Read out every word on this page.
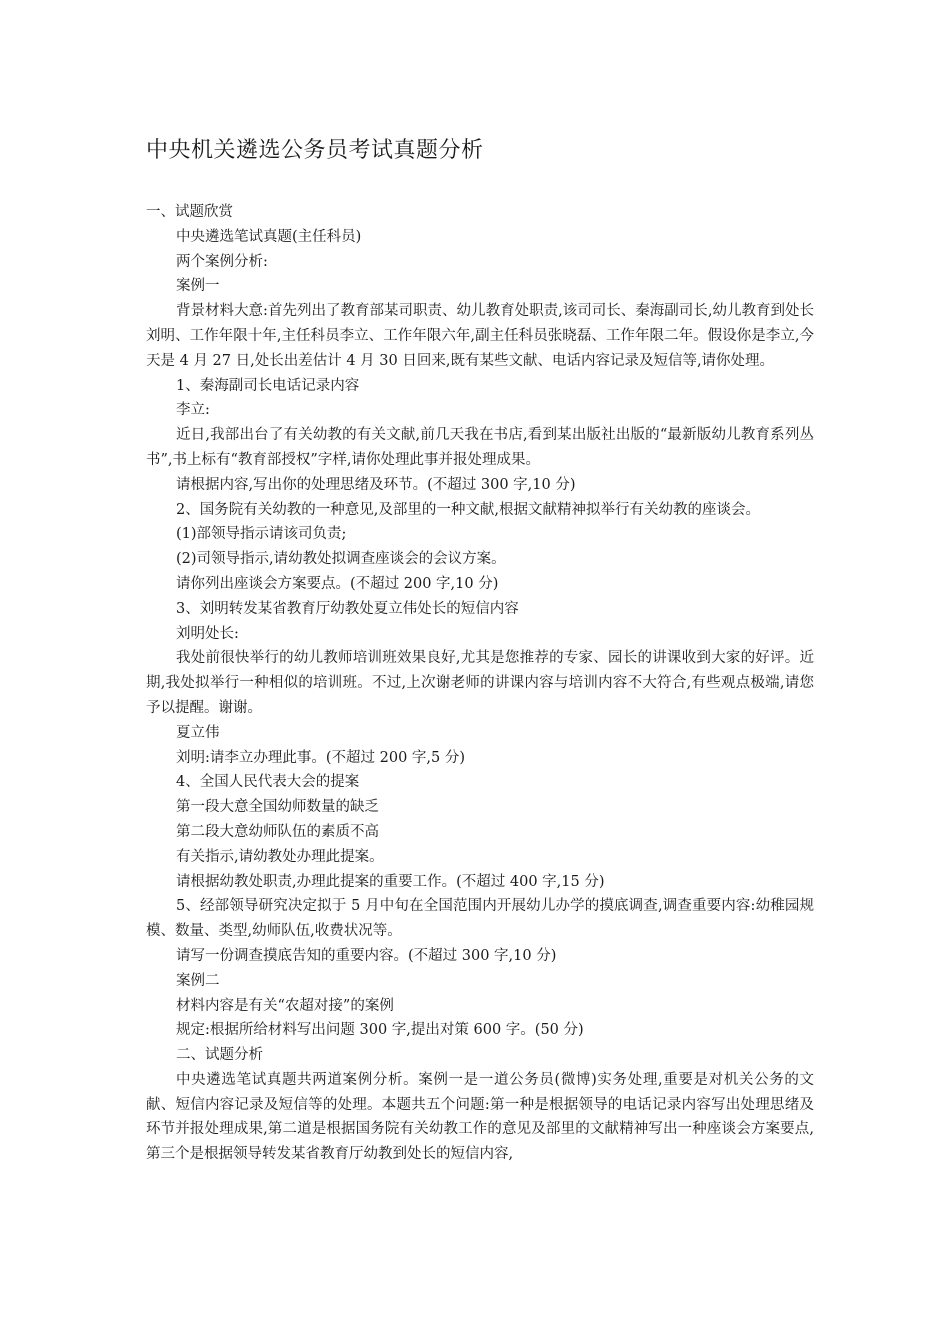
中央机关遴选公务员考试真题分析

一、试题欣赏

中央遴选笔试真题(主任科员)

两个案例分析:

案例一

背景材料大意:首先列出了教育部某司职责、幼儿教育处职责,该司司长、秦海副司长,幼儿教育到处长刘明、工作年限十年,主任科员李立、工作年限六年,副主任科员张晓磊、工作年限二年。假设你是李立,今天是 4 月 27 日,处长出差估计 4 月 30 日回来,既有某些文献、电话内容记录及短信等,请你处理。

1、秦海副司长电话记录内容

李立:

近日,我部出台了有关幼教的有关文献,前几天我在书店,看到某出版社出版的“最新版幼儿教育系列丛书”,书上标有“教育部授权”字样,请你处理此事并报处理成果。

请根据内容,写出你的处理思绪及环节。(不超过 300 字,10 分)

2、国务院有关幼教的一种意见,及部里的一种文献,根据文献精神拟举行有关幼教的座谈会。

(1)部领导指示请该司负责;

(2)司领导指示,请幼教处拟调查座谈会的会议方案。

请你列出座谈会方案要点。(不超过 200 字,10 分)

3、刘明转发某省教育厅幼教处夏立伟处长的短信内容

刘明处长:

我处前很快举行的幼儿教师培训班效果良好,尤其是您推荐的专家、园长的讲课收到大家的好评。近期,我处拟举行一种相似的培训班。不过,上次谢老师的讲课内容与培训内容不大符合,有些观点极端,请您予以提醒。谢谢。

夏立伟

刘明:请李立办理此事。(不超过 200 字,5 分)

4、全国人民代表大会的提案

第一段大意全国幼师数量的缺乏

第二段大意幼师队伍的素质不高

有关指示,请幼教处办理此提案。

请根据幼教处职责,办理此提案的重要工作。(不超过 400 字,15 分)

5、经部领导研究决定拟于 5 月中旬在全国范围内开展幼儿办学的摸底调查,调查重要内容:幼稚园规模、数量、类型,幼师队伍,收费状况等。

请写一份调查摸底告知的重要内容。(不超过 300 字,10 分)

案例二

材料内容是有关“农超对接”的案例

规定:根据所给材料写出问题 300 字,提出对策 600 字。(50 分)

二、试题分析

中央遴选笔试真题共两道案例分析。案例一是一道公务员(微博)实务处理,重要是对机关公务的文献、短信内容记录及短信等的处理。本题共五个问题:第一种是根据领导的电话记录内容写出处理思绪及环节并报处理成果,第二道是根据国务院有关幼教工作的意见及部里的文献精神写出一种座谈会方案要点,第三个是根据领导转发某省教育厅幼教到处长的短信内容,
